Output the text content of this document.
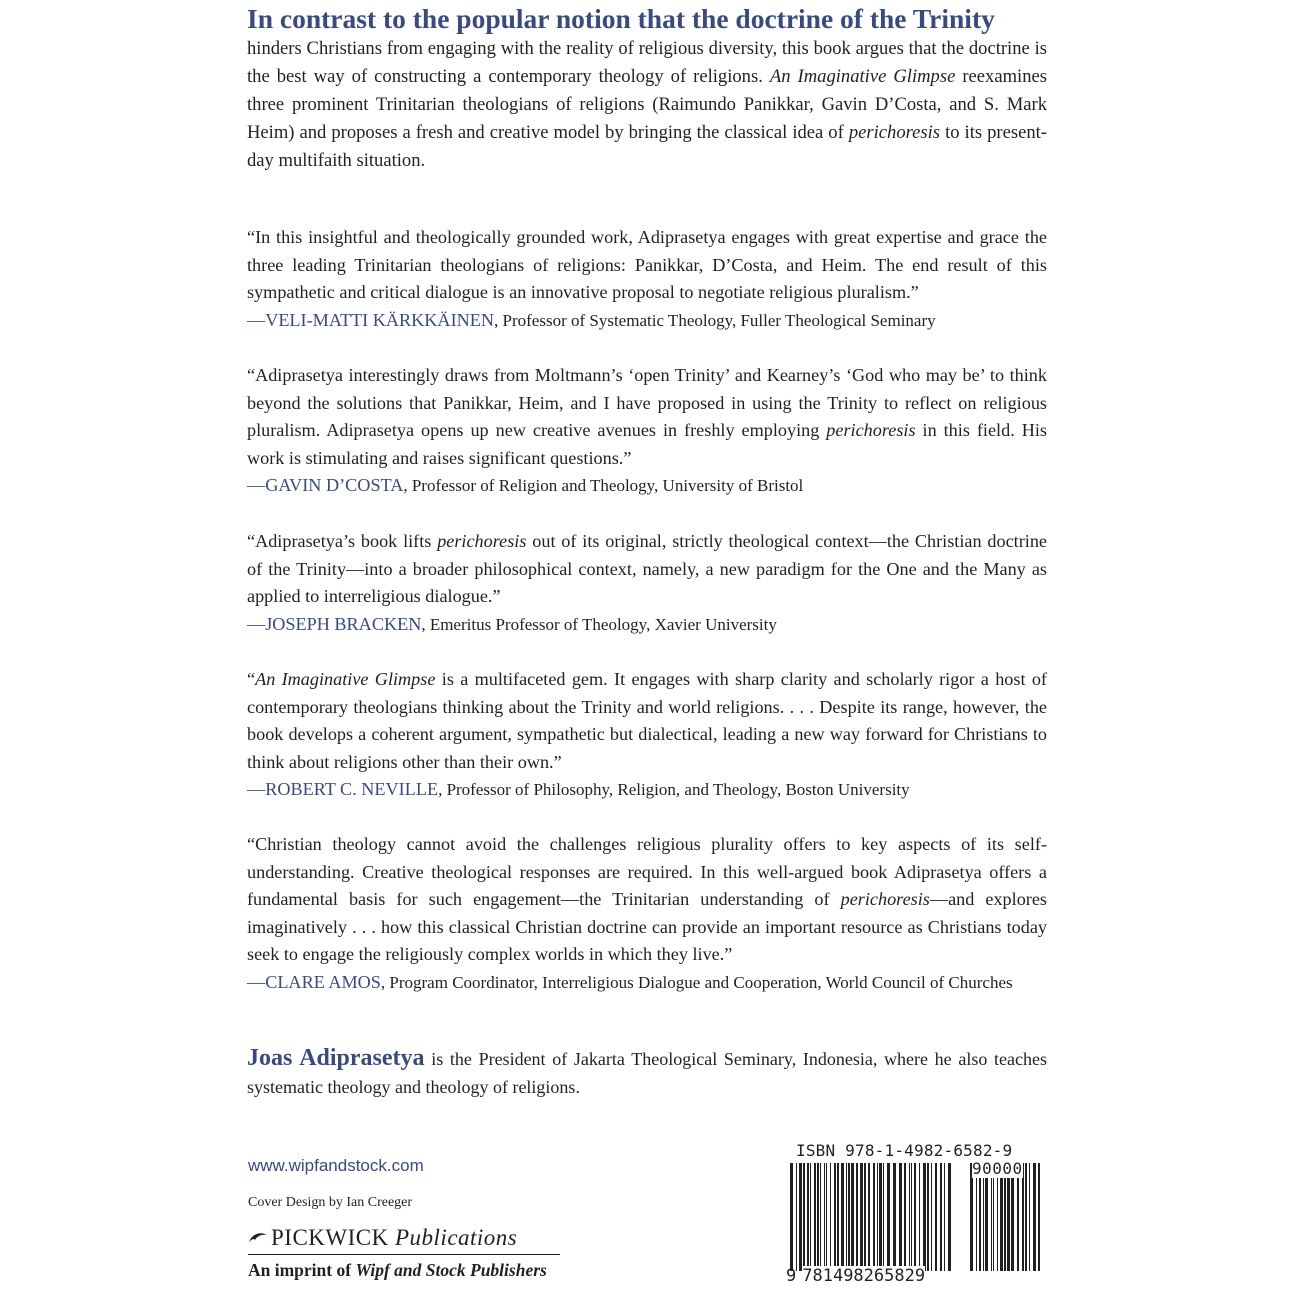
In contrast to the popular notion that the doctrine of the Trinity

hinders Christians from engaging with the reality of religious diversity, this book argues that the doctrine is the best way of constructing a contemporary theology of religions. An Imaginative Glimpse reexamines three prominent Trinitarian theologians of religions (Raimundo Panikkar, Gavin D’Costa, and S. Mark Heim) and proposes a fresh and creative model by bringing the classical idea of perichoresis to its present-day multifaith situation.

“In this insightful and theologically grounded work, Adiprasetya engages with great expertise and grace the three leading Trinitarian theologians of religions: Panikkar, D’Costa, and Heim. The end result of this sympathetic and critical dialogue is an innovative proposal to negotiate religious pluralism.”

—VELI-MATTI KÄRKKÄINEN, Professor of Systematic Theology, Fuller Theological Seminary

“Adiprasetya interestingly draws from Moltmann’s ‘open Trinity’ and Kearney’s ‘God who may be’ to think beyond the solutions that Panikkar, Heim, and I have proposed in using the Trinity to reflect on religious pluralism. Adiprasetya opens up new creative avenues in freshly employing perichoresis in this field. His work is stimulating and raises significant questions.”

—GAVIN D’COSTA, Professor of Religion and Theology, University of Bristol

“Adiprasetya’s book lifts perichoresis out of its original, strictly theological context—the Christian doctrine of the Trinity—into a broader philosophical context, namely, a new paradigm for the One and the Many as applied to interreligious dialogue.”

—JOSEPH BRACKEN, Emeritus Professor of Theology, Xavier University

“An Imaginative Glimpse is a multifaceted gem. It engages with sharp clarity and scholarly rigor a host of contemporary theologians thinking about the Trinity and world religions. . . . Despite its range, however, the book develops a coherent argument, sympathetic but dialectical, leading a new way forward for Christians to think about religions other than their own.”

—ROBERT C. NEVILLE, Professor of Philosophy, Religion, and Theology, Boston University

“Christian theology cannot avoid the challenges religious plurality offers to key aspects of its self-understanding. Creative theological responses are required. In this well-argued book Adiprasetya offers a fundamental basis for such engagement—the Trinitarian understanding of perichoresis—and explores imaginatively . . . how this classical Christian doctrine can provide an important resource as Christians today seek to engage the religiously complex worlds in which they live.”

—CLARE AMOS, Program Coordinator, Interreligious Dialogue and Cooperation, World Council of Churches

Joas Adiprasetya is the President of Jakarta Theological Seminary, Indonesia, where he also teaches systematic theology and theology of religions.

www.wipfandstock.com
Cover Design by Ian Creeger
PICKWICK
Publications
An imprint of Wipf and Stock Publishers
ISBN 978-1-4982-6582-9
90000
9 781498265829
